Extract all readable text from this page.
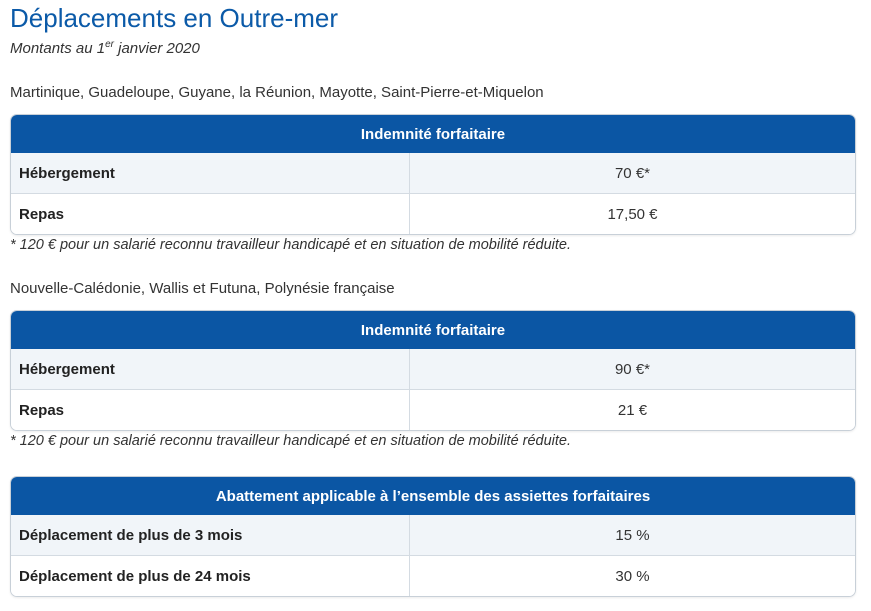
Déplacements en Outre-mer
Montants au 1er janvier 2020
Martinique, Guadeloupe, Guyane, la Réunion, Mayotte, Saint-Pierre-et-Miquelon
Indemnité forfaitaire
Hébergement	70 €*
Repas	17,50 €
* 120 € pour un salarié reconnu travailleur handicapé et en situation de mobilité réduite.
Nouvelle-Calédonie, Wallis et Futuna, Polynésie française
Indemnité forfaitaire
Hébergement	90 €*
Repas	21 €
* 120 € pour un salarié reconnu travailleur handicapé et en situation de mobilité réduite.
Abattement applicable à l’ensemble des assiettes forfaitaires
Déplacement de plus de 3 mois	15 %
Déplacement de plus de 24 mois	30 %
